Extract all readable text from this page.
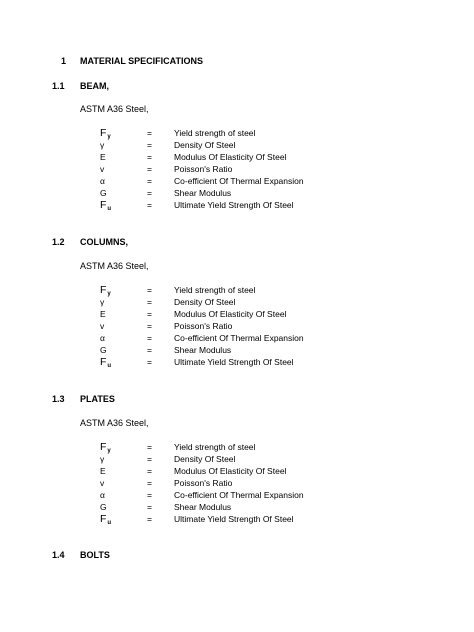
1 MATERIAL SPECIFICATIONS
1.1 BEAM,
ASTM A36 Steel,
Fy	=	Yield strength of steel
γ	=	Density Of Steel
E	=	Modulus Of Elasticity Of Steel
v	=	Poisson's Ratio
α	=	Co-efficient Of Thermal Expansion
G	=	Shear Modulus
Fu	=	Ultimate Yield Strength Of Steel
1.2 COLUMNS,
ASTM A36 Steel,
Fy	=	Yield strength of steel
γ	=	Density Of Steel
E	=	Modulus Of Elasticity Of Steel
v	=	Poisson's Ratio
α	=	Co-efficient Of Thermal Expansion
G	=	Shear Modulus
Fu	=	Ultimate Yield Strength Of Steel
1.3 PLATES
ASTM A36 Steel,
Fy	=	Yield strength of steel
γ	=	Density Of Steel
E	=	Modulus Of Elasticity Of Steel
v	=	Poisson's Ratio
α	=	Co-efficient Of Thermal Expansion
G	=	Shear Modulus
Fu	=	Ultimate Yield Strength Of Steel
1.4 BOLTS
